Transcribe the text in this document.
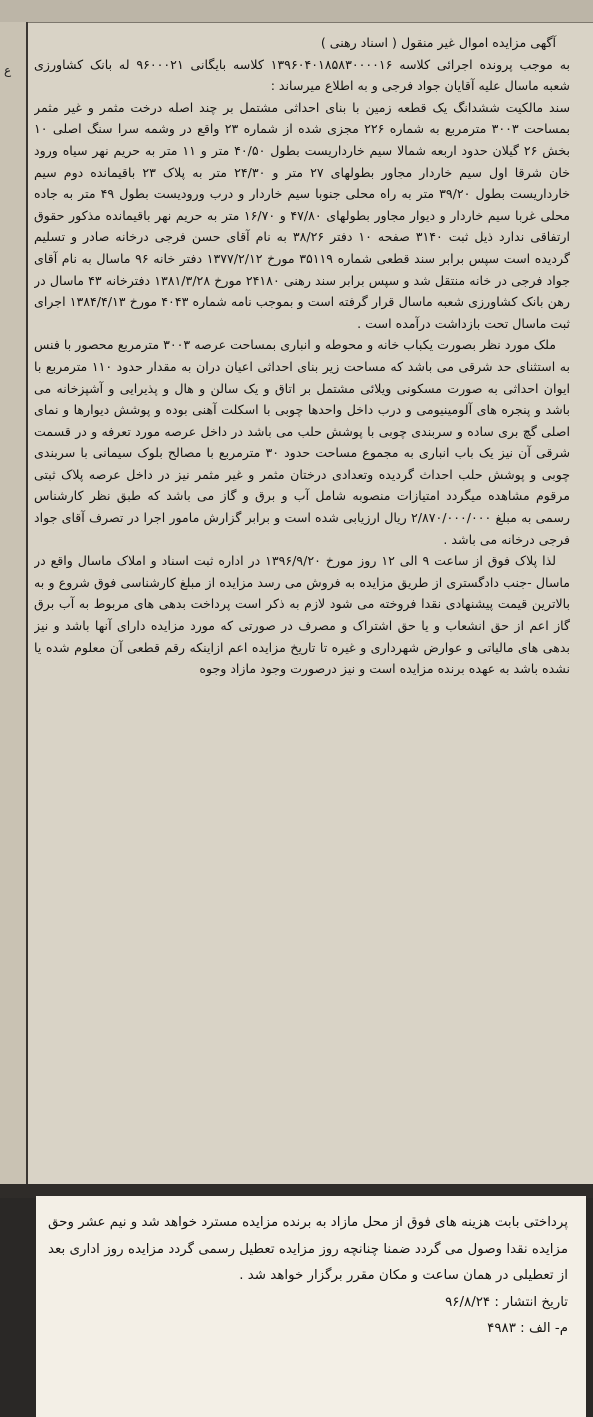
ع

آگهی مزایده اموال غیر منقول ( اسناد رهنی )

به موجب پرونده اجرائی کلاسه ۱۳۹۶۰۴۰۱۸۵۸۳۰۰۰۰۱۶ کلاسه بایگانی ۹۶۰۰۰۲۱ له بانک کشاورزی شعبه ماسال علیه آقایان جواد فرجی و به اطلاع میرساند :

سند مالکیت ششدانگ یک قطعه زمین با بنای احداثی مشتمل بر چند اصله درخت مثمر و غیر مثمر بمساحت ۳۰۰۳ مترمربع به شماره ۲۲۶ مجزی شده از شماره ۲۳ واقع در وشمه سرا سنگ اصلی ۱۰ بخش ۲۶ گیلان حدود اربعه شمالا سیم خارداریست بطول ۴۰/۵۰ متر و ۱۱ متر به حریم نهر سیاه ورود خان شرقا اول سیم خاردار مجاور بطولهای ۲۷ متر و ۲۴/۳۰ متر به پلاک ۲۳ باقیمانده دوم سیم خارداریست بطول ۳۹/۲۰ متر به راه محلی جنوبا سیم خاردار و درب ورودیست بطول ۴۹ متر به جاده محلی غربا سیم خاردار و دیوار مجاور بطولهای ۴۷/۸۰ و ۱۶/۷۰ متر به حریم نهر باقیمانده مذکور حقوق ارتفاقی ندارد ذیل ثبت ۳۱۴۰ صفحه ۱۰ دفتر ۳۸/۲۶ به نام آقای حسن فرجی درخانه صادر و تسلیم گردیده است سپس برابر سند قطعی شماره ۳۵۱۱۹ مورخ ۱۳۷۷/۲/۱۲ دفتر خانه ۹۶ ماسال به نام آقای جواد فرجی در خانه منتقل شد و سپس برابر سند رهنی ۲۴۱۸۰ مورخ ۱۳۸۱/۳/۲۸ دفترخانه ۴۳ ماسال در رهن بانک کشاورزی شعبه ماسال قرار گرفته است و بموجب نامه شماره ۴۰۴۳ مورخ ۱۳۸۴/۴/۱۳ اجرای ثبت ماسال تحت بازداشت درآمده است .

ملک مورد نظر بصورت یکباب خانه و محوطه و انباری بمساحت عرصه ۳۰۰۳ مترمربع محصور با فنس به استثنای حد شرقی می باشد که مساحت زیر بنای احداثی اعیان دران به مقدار حدود ۱۱۰ مترمربع با ایوان احداثی به صورت مسکونی ویلائی مشتمل بر اتاق و یک سالن و هال و پذیرایی و آشپزخانه می باشد و پنجره های آلومینیومی و درب داخل واحدها چوبی با اسکلت آهنی بوده و پوشش دیوارها و نمای اصلی گچ بری ساده و سربندی چوبی با پوشش حلب می باشد در داخل عرصه مورد تعرفه و در قسمت شرقی آن نیز یک باب انباری به مجموع مساحت حدود ۳۰ مترمربع با مصالح بلوک سیمانی با سربندی چوبی و پوشش حلب احداث گردیده وتعدادی درختان مثمر و غیر مثمر نیز در داخل عرصه پلاک ثبتی مرقوم مشاهده میگردد امتیازات منصوبه شامل آب و برق و گاز می باشد که طبق نظر کارشناس رسمی به مبلغ ۲/۸۷۰/۰۰۰/۰۰۰ ریال ارزیابی شده است و برابر گزارش مامور اجرا در تصرف آقای جواد فرجی درخانه می باشد .

لذا پلاک فوق از ساعت ۹ الی ۱۲ روز مورخ ۱۳۹۶/۹/۲۰ در اداره ثبت اسناد و املاک ماسال واقع در ماسال -جنب دادگستری از طریق مزایده به فروش می رسد مزایده از مبلغ کارشناسی فوق شروع و به بالاترین قیمت پیشنهادی نقدا فروخته می شود لازم به ذکر است پرداخت بدهی های مربوط به آب برق گاز اعم از حق انشعاب و یا حق اشتراک و مصرف در صورتی که مورد مزایده دارای آنها باشد و نیز بدهی های مالیاتی و عوارض شهرداری و غیره تا تاریخ مزایده اعم ازاینکه رقم قطعی آن معلوم شده یا نشده باشد به عهده برنده مزایده است و نیز درصورت وجود مازاد وجوه

پرداختی بابت هزینه های فوق از محل مازاد به برنده مزایده مسترد خواهد شد و نیم عشر وحق مزایده نقدا وصول می گردد ضمنا چنانچه روز مزایده تعطیل رسمی گردد مزایده روز اداری بعد از تعطیلی در همان ساعت و مکان مقرر برگزار خواهد شد .

تاریخ انتشار : ۹۶/۸/۲۴

م- الف : ۴۹۸۳
